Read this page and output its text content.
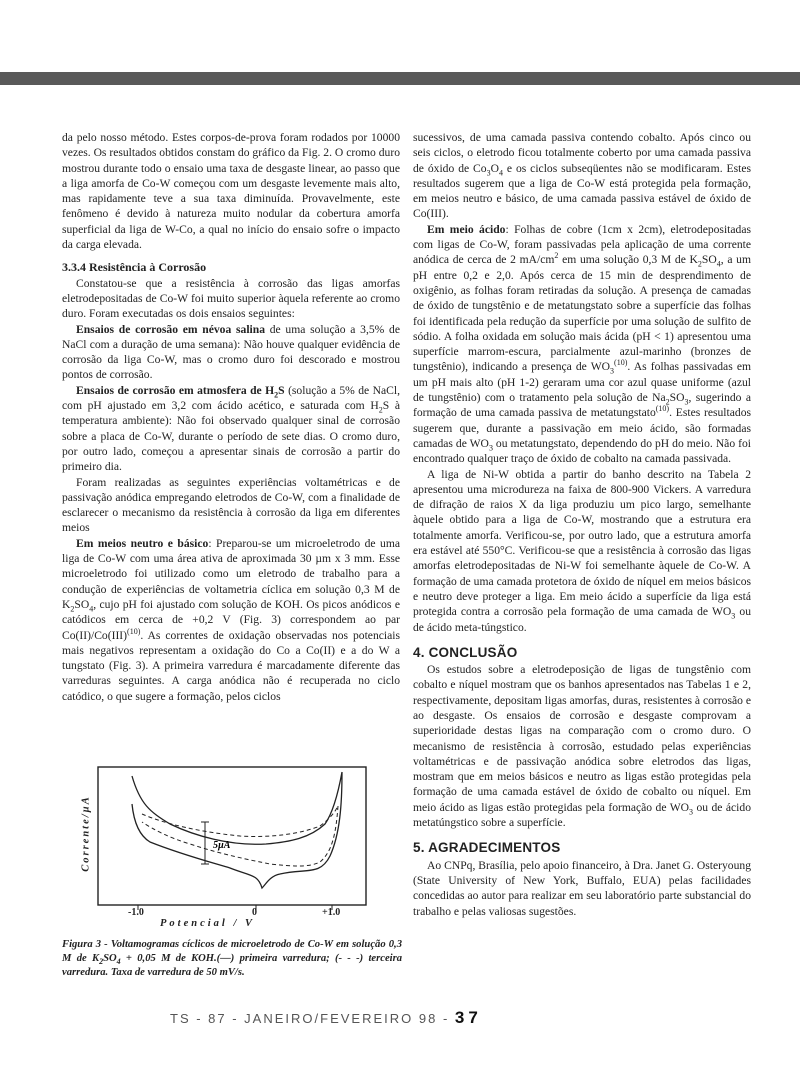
da pelo nosso método. Estes corpos-de-prova foram rodados por 10000 vezes. Os resultados obtidos constam do gráfico da Fig. 2. O cromo duro mostrou durante todo o ensaio uma taxa de desgaste linear, ao passo que a liga amorfa de Co-W começou com um desgaste levemente mais alto, mas rapidamente teve a sua taxa diminuída. Provavelmente, este fenômeno é devido à natureza muito nodular da cobertura amorfa superficial da liga de W-Co, a qual no início do ensaio sofre o impacto da carga elevada.

3.3.4 Resistência à Corrosão

Constatou-se que a resistência à corrosão das ligas amorfas eletrodepositadas de Co-W foi muito superior àquela referente ao cromo duro. Foram executadas os dois ensaios seguintes:

Ensaios de corrosão em névoa salina de uma solução a 3,5% de NaCl com a duração de uma semana): Não houve qualquer evidência de corrosão da liga Co-W, mas o cromo duro foi descorado e mostrou pontos de corrosão.

Ensaios de corrosão em atmosfera de $H_2S$ (solução a 5% de NaCl, com pH ajustado em 3,2 com ácido acético, e saturada com $H_2S$ à temperatura ambiente): Não foi observado qualquer sinal de corrosão sobre a placa de Co-W, durante o período de sete dias. O cromo duro, por outro lado, começou a apresentar sinais de corrosão a partir do primeiro dia.

Foram realizadas as seguintes experiências voltamétricas e de passivação anódica empregando eletrodos de Co-W, com a finalidade de esclarecer o mecanismo da resistência à corrosão da liga em diferentes meios

Em meios neutro e básico: Preparou-se um microeletrodo de uma liga de Co-W com uma área ativa de aproximada 30 µm x 3 mm. Esse microeletrodo foi utilizado como um eletrodo de trabalho para a condução de experiências de voltametria cíclica em solução 0,3 M de $K_2SO_4$, cujo pH foi ajustado com solução de KOH. Os picos anódicos e catódicos em cerca de +0,2 V (Fig. 3) correspondem ao par Co(II)/Co(III)$^{(10)}$. As correntes de oxidação observadas nos potenciais mais negativos representam a oxidação do Co a Co(II) e a do W a tungstato (Fig. 3). A primeira varredura é marcadamente diferente das varreduras seguintes. A carga anódica não é recuperada no ciclo catódico, o que sugere a formação, pelos ciclos

5µA
Corrente/µA
-1.0	0	+1.0
Potencial / V
Figura 3 - Voltamogramas cíclicos de microeletrodo de Co-W em solução 0,3 M de $K_2SO_4 + 0,05$ M de KOH.(—) primeira varredura; (- - -) terceira varredura. Taxa de varredura de 50 mV/s.

sucessivos, de uma camada passiva contendo cobalto. Após cinco ou seis ciclos, o eletrodo ficou totalmente coberto por uma camada passiva de óxido de $Co_3O_4$ e os ciclos subseqüentes não se modificaram. Estes resultados sugerem que a liga de Co-W está protegida pela formação, em meios neutro e básico, de uma camada passiva estável de óxido de Co(III).

Em meio ácido: Folhas de cobre (1cm x 2cm), eletrodepositadas com ligas de Co-W, foram passivadas pela aplicação de uma corrente anódica de cerca de 2 $mA/cm^2$ em uma solução 0,3 M de $K_2SO_4$, a um pH entre 0,2 e 2,0. Após cerca de 15 min de desprendimento de oxigênio, as folhas foram retiradas da solução. A presença de camadas de óxido de tungstênio e de metatungstato sobre a superfície das folhas foi identificada pela redução da superfície por uma solução de sulfito de sódio. A folha oxidada em solução mais ácida (pH < 1) apresentou uma superfície marrom-escura, parcialmente azul-marinho (bronzes de tungstênio), indicando a presença de $WO_3^{(10)}$. As folhas passivadas em um pH mais alto (pH 1-2) geraram uma cor azul quase uniforme (azul de tungstênio) com o tratamento pela solução de $Na_2SO_3$, sugerindo a formação de uma camada passiva de metatungstato$^{(10)}$. Estes resultados sugerem que, durante a passivação em meio ácido, são formadas camadas de $WO_3$ ou metatungstato, dependendo do pH do meio. Não foi encontrado qualquer traço de óxido de cobalto na camada passivada.

A liga de Ni-W obtida a partir do banho descrito na Tabela 2 apresentou uma microdureza na faixa de 800-900 Vickers. A varredura de difração de raios X da liga produziu um pico largo, semelhante àquele obtido para a liga de Co-W, mostrando que a estrutura era totalmente amorfa. Verificou-se, por outro lado, que a estrutura amorfa era estável até 550°C. Verificou-se que a resistência à corrosão das ligas amorfas eletrodepositadas de Ni-W foi semelhante àquele de Co-W. A formação de uma camada protetora de óxido de níquel em meios básicos e neutro deve proteger a liga. Em meio ácido a superfície da liga está protegida contra a corrosão pela formação de uma camada de $WO_3$ ou de ácido meta-túngstico.

4. CONCLUSÃO

Os estudos sobre a eletrodeposição de ligas de tungstênio com cobalto e níquel mostram que os banhos apresentados nas Tabelas 1 e 2, respectivamente, depositam ligas amorfas, duras, resistentes à corrosão e ao desgaste. Os ensaios de corrosão e desgaste comprovam a superioridade destas ligas na comparação com o cromo duro. O mecanismo de resistência à corrosão, estudado pelas experiências voltamétricas e de passivação anódica sobre eletrodos das ligas, mostram que em meios básicos e neutro as ligas estão protegidas pela formação de uma camada estável de óxido de cobalto ou níquel. Em meio ácido as ligas estão protegidas pela formação de $WO_3$ ou de ácido metatúngstico sobre a superfície.

5. AGRADECIMENTOS

Ao CNPq, Brasília, pelo apoio financeiro, à Dra. Janet G. Osteryoung (State University of New York, Buffalo, EUA) pelas facilidades concedidas ao autor para realizar em seu laboratório parte substancial do trabalho e pelas valiosas sugestões.

TS - 87 - JANEIRO/FEVEREIRO 98 - 37
